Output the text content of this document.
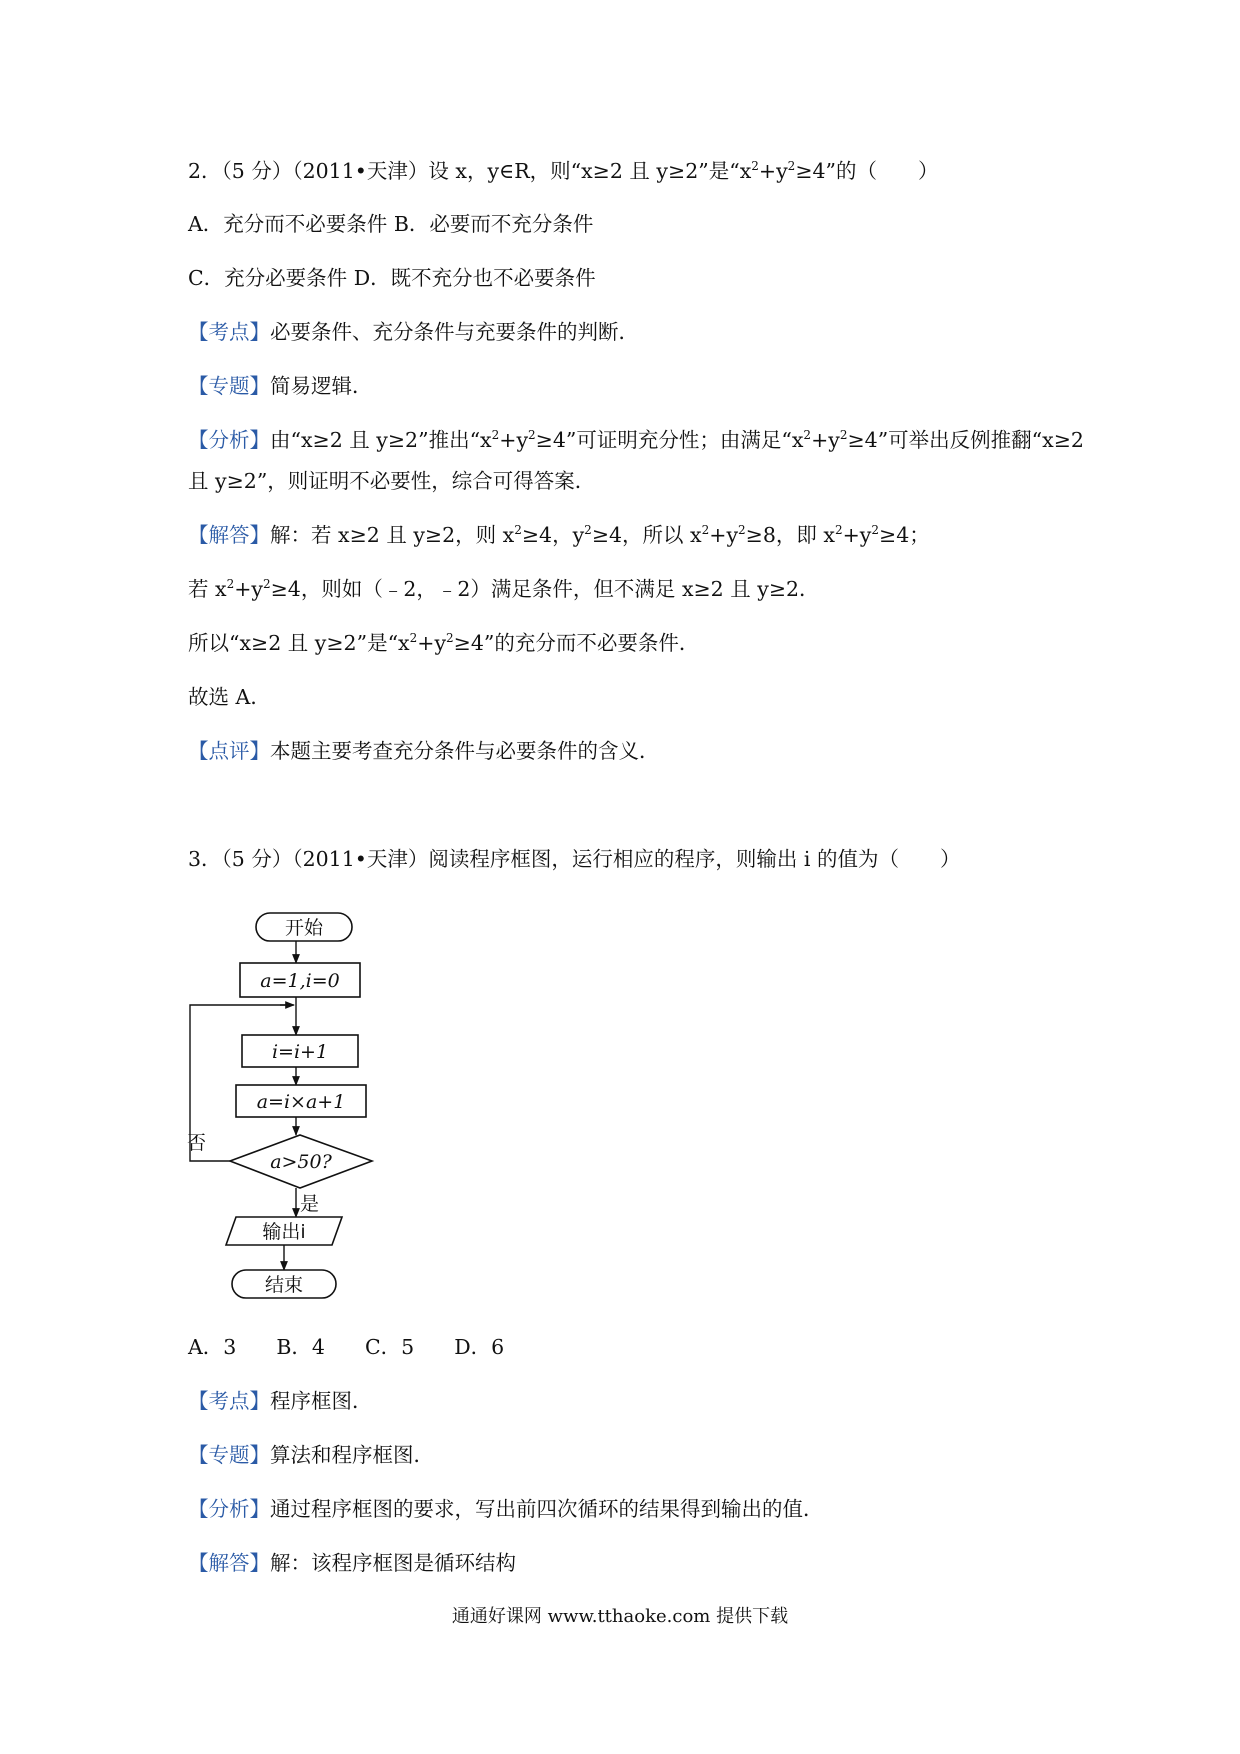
2．（5 分）（2011•天津）设 x，y∈R，则“x≥2 且 y≥2”是“$x^2+y^2\ge 4$”的（　　）
A．充分而不必要条件 B．必要而不充分条件
C．充分必要条件 D．既不充分也不必要条件
【考点】必要条件、充分条件与充要条件的判断．
【专题】简易逻辑．
【分析】由“x≥2 且 y≥2”推出“$x^2+y^2\ge 4$”可证明充分性；由满足“$x^2+y^2\ge 4$”可举出反例推翻“x≥2
且 y≥2”，则证明不必要性，综合可得答案．
【解答】解：若 x≥2 且 y≥2，则 $x^2\ge 4$，$y^2\ge 4$，所以 $x^2+y^2\ge 8$，即 $x^2+y^2\ge 4$；
若 $x^2+y^2\ge 4$，则如（﹣2，﹣2）满足条件，但不满足 x≥2 且 y≥2．
所以“x≥2 且 y≥2”是“$x^2+y^2\ge 4$”的充分而不必要条件．
故选 A．
【点评】本题主要考查充分条件与必要条件的含义．
3．（5 分）（2011•天津）阅读程序框图，运行相应的程序，则输出 i 的值为（　　）
开始
a=1,i=0
i=i+1
a=i×a+1
a>50?
否
是
输出i
结束
A．3 B．4 C．5 D．6
【考点】程序框图．
【专题】算法和程序框图．
【分析】通过程序框图的要求，写出前四次循环的结果得到输出的值．
【解答】解：该程序框图是循环结构
通通好课网 www.tthaoke.com 提供下载
